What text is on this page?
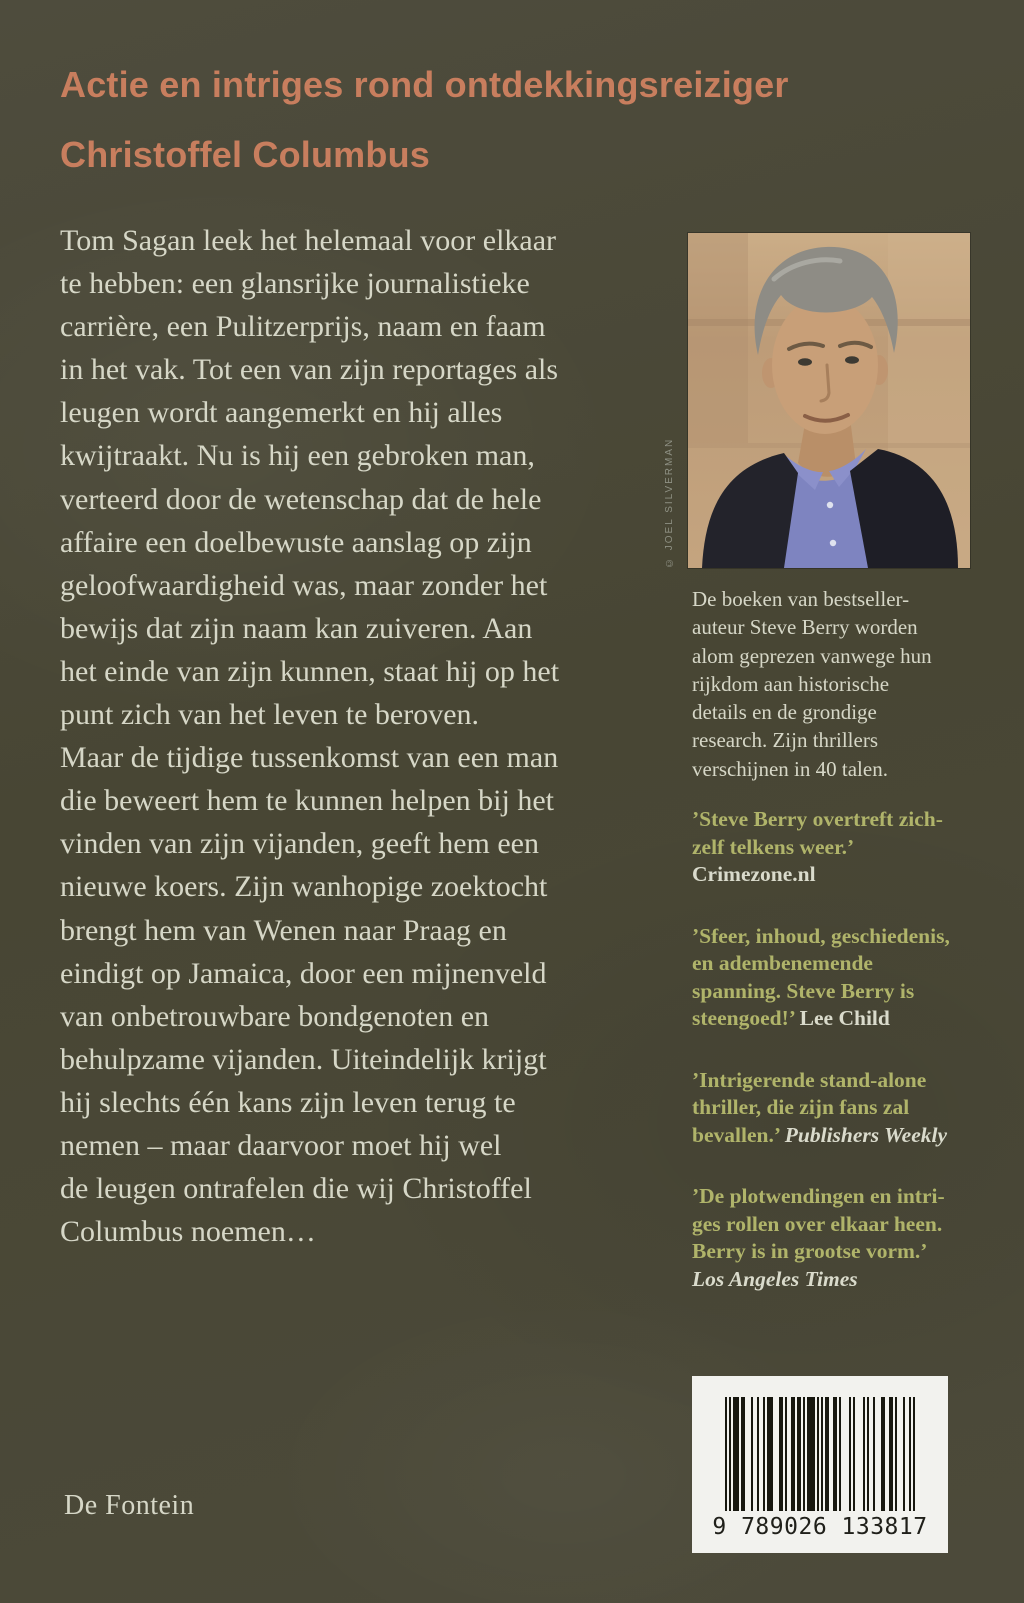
Actie en intriges rond ontdekkingsreiziger
Christoffel Columbus
Tom Sagan leek het helemaal voor elkaar
te hebben: een glansrijke journalistieke
carrière, een Pulitzerprijs, naam en faam
in het vak. Tot een van zijn reportages als
leugen wordt aangemerkt en hij alles
kwijtraakt. Nu is hij een gebroken man,
verteerd door de wetenschap dat de hele
affaire een doelbewuste aanslag op zijn
geloofwaardigheid was, maar zonder het
bewijs dat zijn naam kan zuiveren. Aan
het einde van zijn kunnen, staat hij op het
punt zich van het leven te beroven.
Maar de tijdige tussenkomst van een man
die beweert hem te kunnen helpen bij het
vinden van zijn vijanden, geeft hem een
nieuwe koers. Zijn wanhopige zoektocht
brengt hem van Wenen naar Praag en
eindigt op Jamaica, door een mijnenveld
van onbetrouwbare bondgenoten en
behulpzame vijanden. Uiteindelijk krijgt
hij slechts één kans zijn leven terug te
nemen – maar daarvoor moet hij wel
de leugen ontrafelen die wij Christoffel
Columbus noemen…
© JOEL SILVERMAN
De boeken van bestseller-
auteur Steve Berry worden
alom geprezen vanwege hun
rijkdom aan historische
details en de grondige
research. Zijn thrillers
verschijnen in 40 talen.
’Steve Berry overtreft zich-
zelf telkens weer.’
Crimezone.nl
’Sfeer, inhoud, geschiedenis,
en adembenemende
spanning. Steve Berry is
steengoed!’ Lee Child
’Intrigerende stand-alone
thriller, die zijn fans zal
bevallen.’ Publishers Weekly
’De plotwendingen en intri-
ges rollen over elkaar heen.
Berry is in grootse vorm.’
Los Angeles Times
De Fontein
9 789026 133817
